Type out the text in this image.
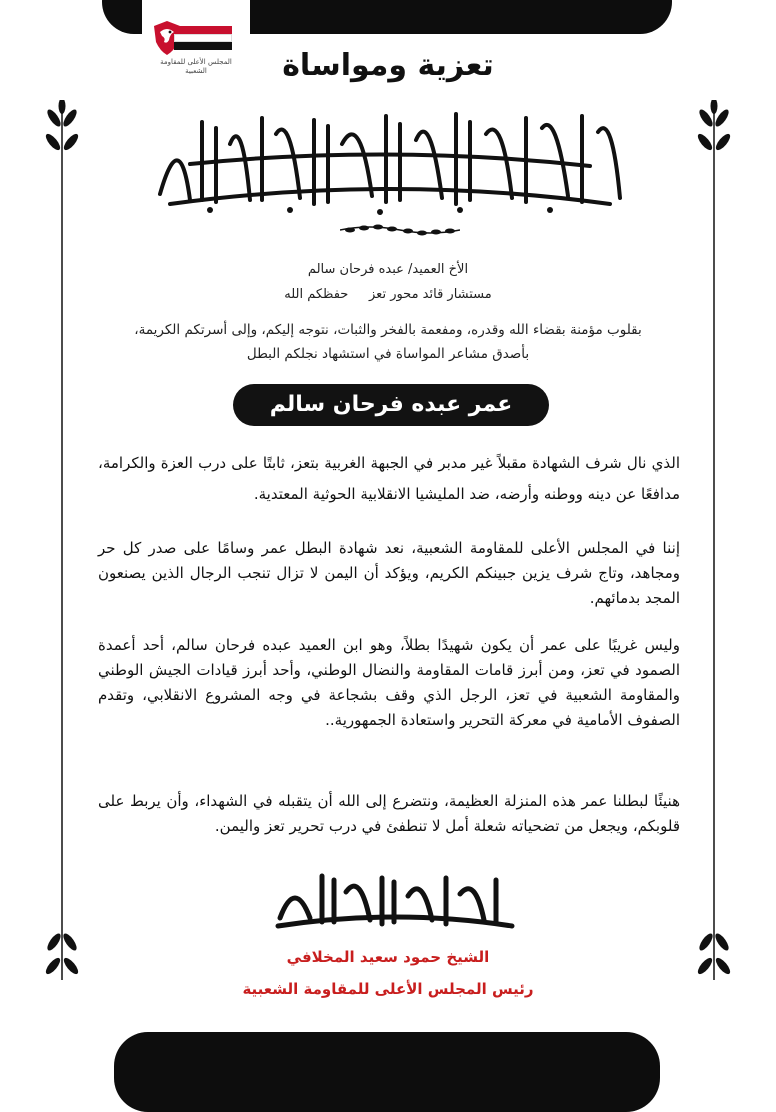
المجلس الأعلى للمقاومة الشعبية	تعزية ومواساة
الأخ العميد/ عبده فرحان سالم
مستشار قائد محور تعز     حفظكم الله
بقلوب مؤمنة بقضاء الله وقدره، ومفعمة بالفخر والثبات، نتوجه إليكم، وإلى أسرتكم الكريمة،
بأصدق مشاعر المواساة في استشهاد نجلكم البطل
عمر عبده فرحان سالم
الذي نال شرف الشهادة مقبلاً غير مدبر في الجبهة الغربية بتعز، ثابتًا على درب العزة والكرامة، مدافعًا عن دينه ووطنه وأرضه، ضد المليشيا الانقلابية الحوثية المعتدية.
إننا في المجلس الأعلى للمقاومة الشعبية، نعد شهادة البطل عمر وسامًا على صدر كل حر ومجاهد، وتاج شرف يزين جبينكم الكريم، ويؤكد أن اليمن لا تزال تنجب الرجال الذين يصنعون المجد بدمائهم.
وليس غريبًا على عمر أن يكون شهيدًا بطلاً، وهو ابن العميد عبده فرحان سالم، أحد أعمدة الصمود في تعز، ومن أبرز قامات المقاومة والنضال الوطني، وأحد أبرز قيادات الجيش الوطني والمقاومة الشعبية في تعز، الرجل الذي وقف بشجاعة في وجه المشروع الانقلابي، وتقدم الصفوف الأمامية في معركة التحرير واستعادة الجمهورية..
هنيئًا لبطلنا عمر هذه المنزلة العظيمة، ونتضرع إلى الله أن يتقبله في الشهداء، وأن يربط على قلوبكم، ويجعل من تضحياته شعلة أمل لا تنطفئ في درب تحرير تعز واليمن.
الشيخ حمود سعيد المخلافي
رئيس المجلس الأعلى للمقاومة الشعبية
